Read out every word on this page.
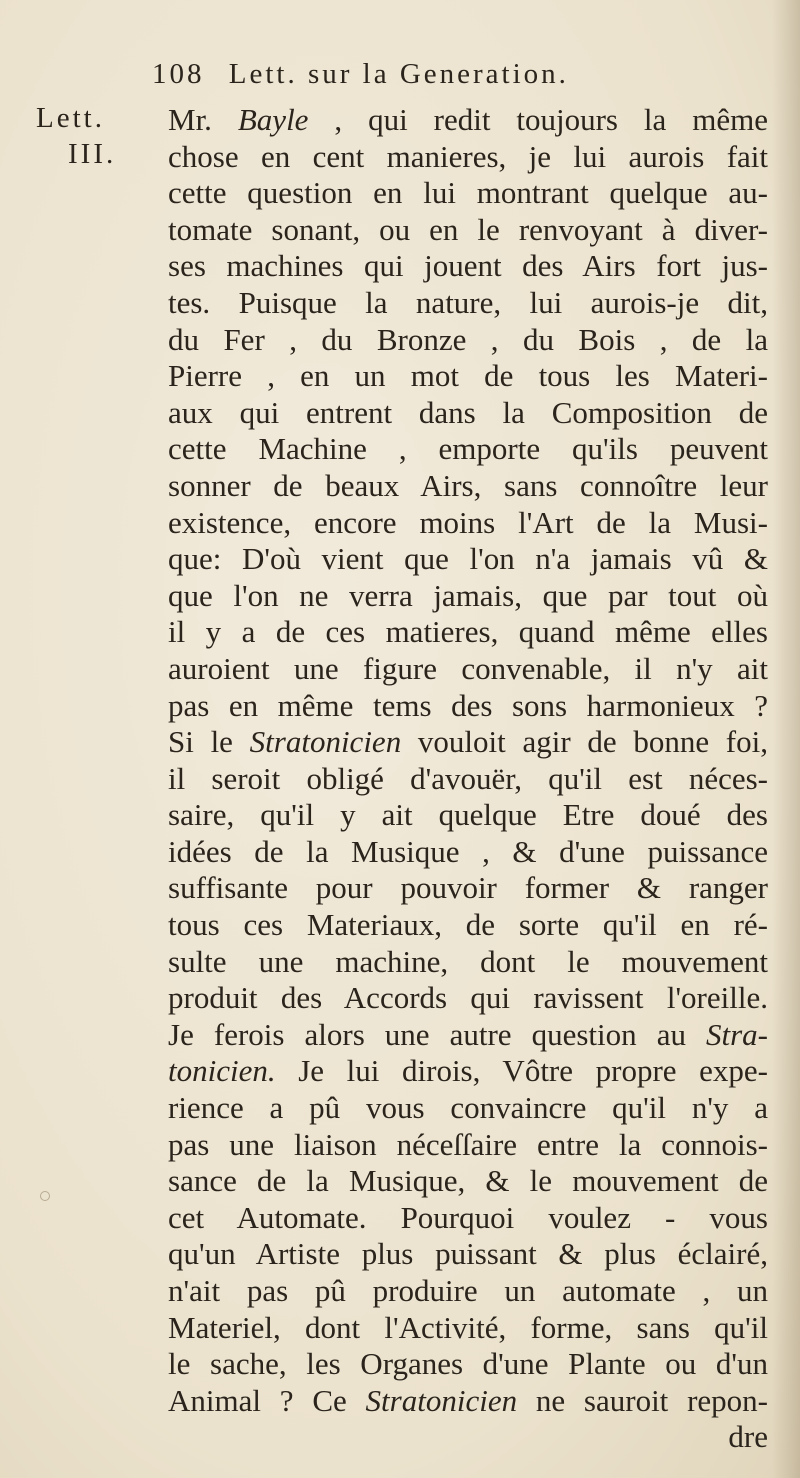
108 Lett. sur la Generation.
Lett.
III.
Mr. Bayle , qui redit toujours la même
chose en cent manieres, je lui aurois fait
cette question en lui montrant quelque au-
tomate sonant, ou en le renvoyant à diver-
ses machines qui jouent des Airs fort jus-
tes. Puisque la nature, lui aurois-je dit,
du Fer , du Bronze , du Bois , de la
Pierre , en un mot de tous les Materi-
aux qui entrent dans la Composition de
cette Machine , emporte qu'ils peuvent
sonner de beaux Airs, sans connoître leur
existence, encore moins l'Art de la Musi-
que: D'où vient que l'on n'a jamais vû &
que l'on ne verra jamais, que par tout où
il y a de ces matieres, quand même elles
auroient une figure convenable, il n'y ait
pas en même tems des sons harmonieux ?
Si le Stratonicien vouloit agir de bonne foi,
il seroit obligé d'avouër, qu'il est néces-
saire, qu'il y ait quelque Etre doué des
idées de la Musique , & d'une puissance
suffisante pour pouvoir former & ranger
tous ces Materiaux, de sorte qu'il en ré-
sulte une machine, dont le mouvement
produit des Accords qui ravissent l'oreille.
Je ferois alors une autre question au Stra-
tonicien. Je lui dirois, Vôtre propre expe-
rience a pû vous convaincre qu'il n'y a
pas une liaison néceſſaire entre la connois-
sance de la Musique, & le mouvement de
cet Automate. Pourquoi voulez - vous
qu'un Artiste plus puissant & plus éclairé,
n'ait pas pû produire un automate , un
Materiel, dont l'Activité, forme, sans qu'il
le sache, les Organes d'une Plante ou d'un
Animal ? Ce Stratonicien ne sauroit repon-
dre
